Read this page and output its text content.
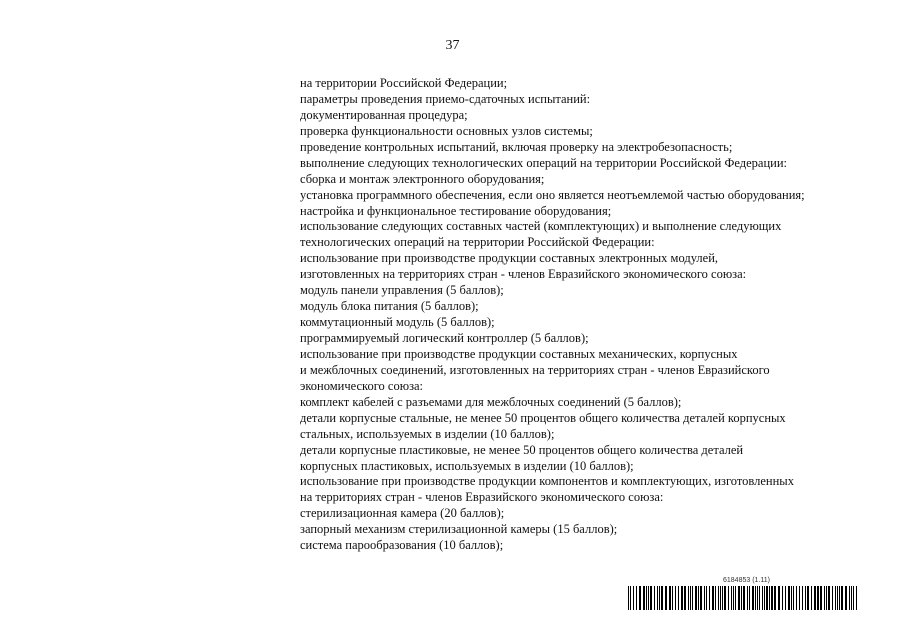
37
на территории Российской Федерации;
параметры проведения приемо-сдаточных испытаний:
документированная процедура;
проверка функциональности основных узлов системы;
проведение контрольных испытаний, включая проверку на электробезопасность;
выполнение следующих технологических операций на территории Российской Федерации:
сборка и монтаж электронного оборудования;
установка программного обеспечения, если оно является неотъемлемой частью оборудования;
настройка и функциональное тестирование оборудования;
использование следующих составных частей (комплектующих) и выполнение следующих
технологических операций на территории Российской Федерации:
использование при производстве продукции составных электронных модулей,
изготовленных на территориях стран - членов Евразийского экономического союза:
модуль панели управления (5 баллов);
модуль блока питания (5 баллов);
коммутационный модуль (5 баллов);
программируемый логический контроллер (5 баллов);
использование при производстве продукции составных механических, корпусных
и межблочных соединений, изготовленных на территориях стран - членов Евразийского
экономического союза:
комплект кабелей с разъемами для межблочных соединений (5 баллов);
детали корпусные стальные, не менее 50 процентов общего количества деталей корпусных
стальных, используемых в изделии (10 баллов);
детали корпусные пластиковые, не менее 50 процентов общего количества деталей
корпусных пластиковых, используемых в изделии (10 баллов);
использование при производстве продукции компонентов и комплектующих, изготовленных
на территориях стран - членов Евразийского экономического союза:
стерилизационная камера (20 баллов);
запорный механизм стерилизационной камеры (15 баллов);
система парообразования (10 баллов);
6184853 (1.11)
